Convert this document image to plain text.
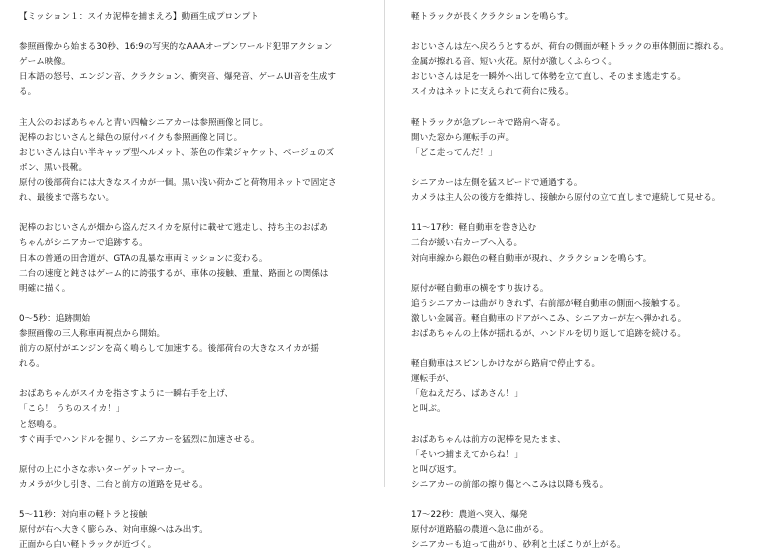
【ミッション１：スイカ泥棒を捕まえろ】動画生成プロンプト
参照画像から始まる30秒、16:9の写実的なAAAオープンワールド犯罪アクション
ゲーム映像。
日本語の怒号、エンジン音、クラクション、衝突音、爆発音、ゲームUI音を生成す
る。
主人公のおばあちゃんと青い四輪シニアカーは参照画像と同じ。
泥棒のおじいさんと緑色の原付バイクも参照画像と同じ。
おじいさんは白い半キャップ型ヘルメット、茶色の作業ジャケット、ベージュのズ
ボン、黒い長靴。
原付の後部荷台には大きなスイカが一個。黒い浅い荷かごと荷物用ネットで固定さ
れ、最後まで落ちない。
泥棒のおじいさんが畑から盗んだスイカを原付に載せて逃走し、持ち主のおばあ
ちゃんがシニアカーで追跡する。
日本の普通の田舎道が、GTAの乱暴な車両ミッションに変わる。
二台の速度と鈍さはゲーム的に誇張するが、車体の接触、重量、路面との関係は
明確に描く。
0〜5秒：追跡開始
参照画像の三人称車両視点から開始。
前方の原付がエンジンを高く鳴らして加速する。後部荷台の大きなスイカが揺
れる。
おばあちゃんがスイカを指さすように一瞬右手を上げ、
「こら！ うちのスイカ！」
と怒鳴る。
すぐ両手でハンドルを握り、シニアカーを猛烈に加速させる。
原付の上に小さな赤いターゲットマーカー。
カメラが少し引き、二台と前方の道路を見せる。
5〜11秒：対向車の軽トラと接触
原付が右へ大きく膨らみ、対向車線へはみ出す。
正面から白い軽トラックが近づく。
軽トラックが長くクラクションを鳴らす。
おじいさんは左へ戻ろうとするが、荷台の側面が軽トラックの車体側面に擦れる。
金属が擦れる音、短い火花。原付が激しくふらつく。
おじいさんは足を一瞬外へ出して体勢を立て直し、そのまま逃走する。
スイカはネットに支えられて荷台に残る。
軽トラックが急ブレーキで路肩へ寄る。
開いた窓から運転手の声。
「どこ走ってんだ！」
シニアカーは左側を猛スピードで通過する。
カメラは主人公の後方を維持し、接触から原付の立て直しまで連続して見せる。
11〜17秒：軽自動車を巻き込む
二台が緩い右カーブへ入る。
対向車線から銀色の軽自動車が現れ、クラクションを鳴らす。
原付が軽自動車の横をすり抜ける。
追うシニアカーは曲がりきれず、右前部が軽自動車の側面へ接触する。
激しい金属音。軽自動車のドアがへこみ、シニアカーが左へ弾かれる。
おばあちゃんの上体が揺れるが、ハンドルを切り返して追跡を続ける。
軽自動車はスピンしかけながら路肩で停止する。
運転手が、
「危ねえだろ、ばあさん！」
と叫ぶ。
おばあちゃんは前方の泥棒を見たまま、
「そいつ捕まえてからね！」
と叫び返す。
シニアカーの前部の擦り傷とへこみは以降も残る。
17〜22秒：農道へ突入、爆発
原付が道路脇の農道へ急に曲がる。
シニアカーも迫って曲がり、砂利と土ぼこりが上がる。
